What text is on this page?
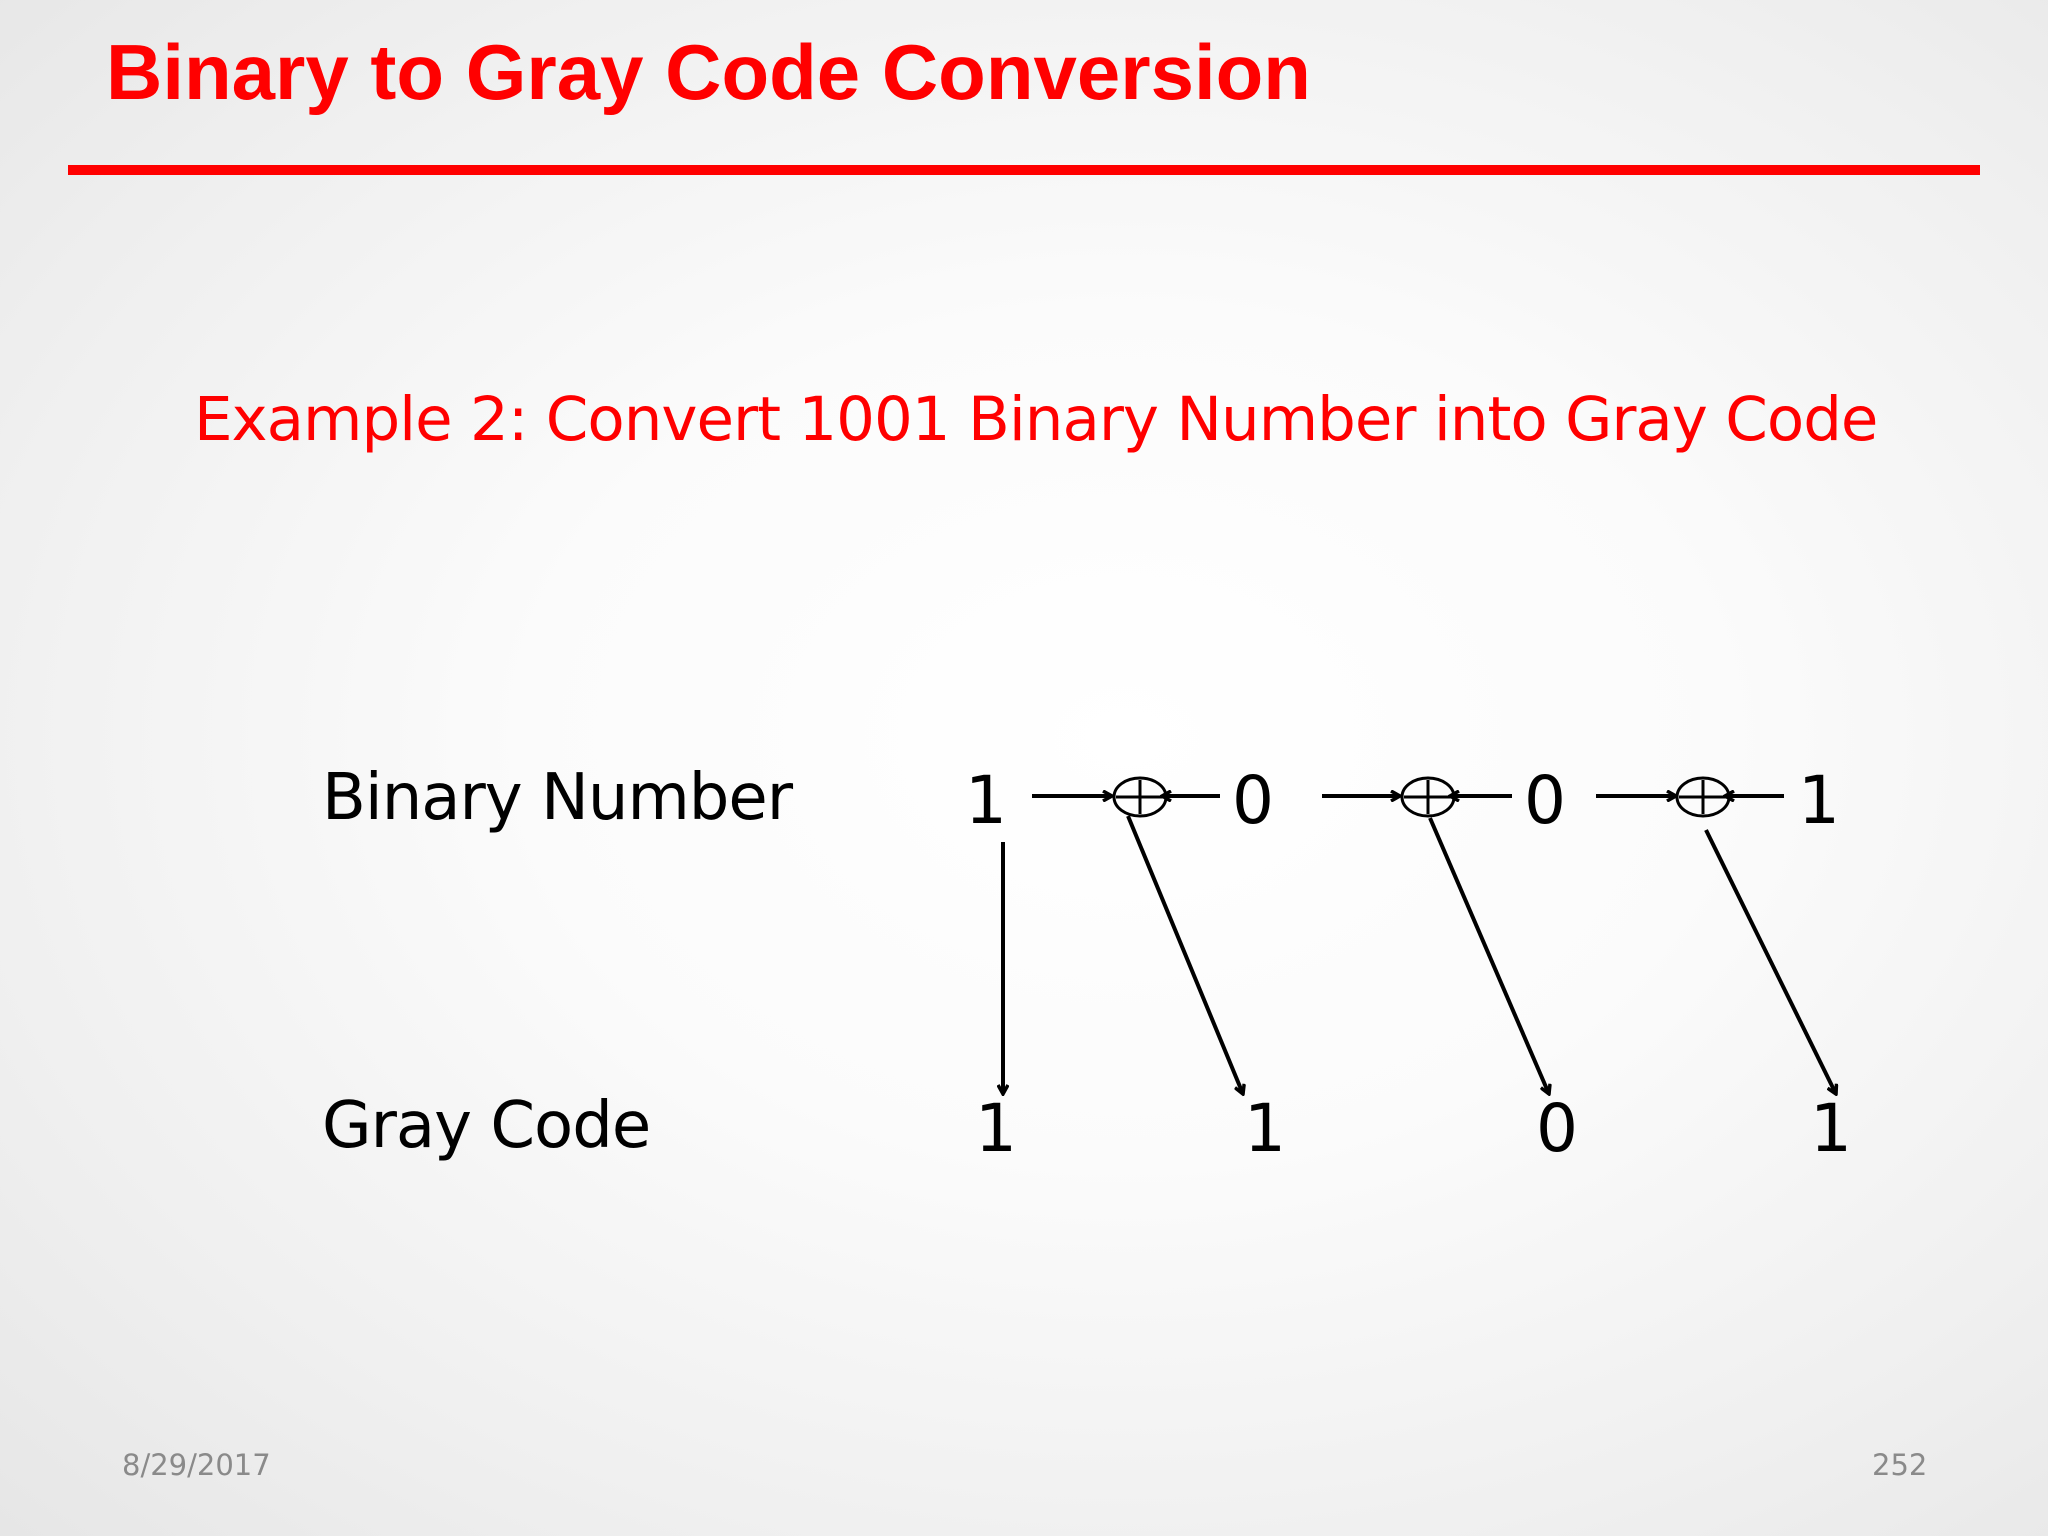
Binary to Gray Code Conversion
Example 2: Convert 1001 Binary Number into Gray Code
Binary Number
Gray Code
1	0	0	1
1	1	0	1
8/29/2017	252
